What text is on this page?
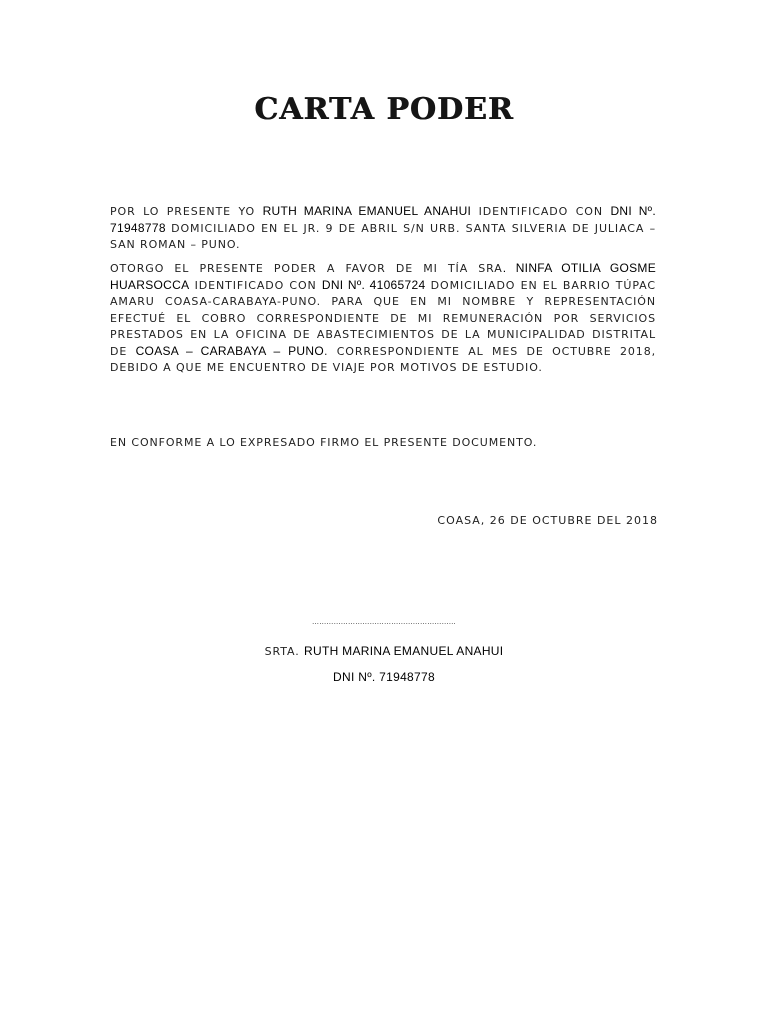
CARTA PODER
POR LO PRESENTE YO RUTH MARINA EMANUEL ANAHUI IDENTIFICADO CON DNI Nº. 71948778 DOMICILIADO EN EL JR. 9 DE ABRIL S/N URB. SANTA SILVERIA DE JULIACA – SAN ROMAN – PUNO.
OTORGO EL PRESENTE PODER A FAVOR DE MI TÍA SRA. NINFA OTILIA GOSME HUARSOCCA IDENTIFICADO CON DNI Nº. 41065724 DOMICILIADO EN EL BARRIO TÚPAC AMARU COASA-CARABAYA-PUNO. PARA QUE EN MI NOMBRE Y REPRESENTACIÓN EFECTUÉ EL COBRO CORRESPONDIENTE DE MI REMUNERACIÓN POR SERVICIOS PRESTADOS EN LA OFICINA DE ABASTECIMIENTOS DE LA MUNICIPALIDAD DISTRITAL DE COASA – CARABAYA – PUNO. CORRESPONDIENTE AL MES DE OCTUBRE 2018, DEBIDO A QUE ME ENCUENTRO DE VIAJE POR MOTIVOS DE ESTUDIO.
EN CONFORME A LO EXPRESADO FIRMO EL PRESENTE DOCUMENTO.
COASA, 26 DE OCTUBRE DEL 2018
……………………………………………………
SRTA. RUTH MARINA EMANUEL ANAHUI
DNI Nº. 71948778
